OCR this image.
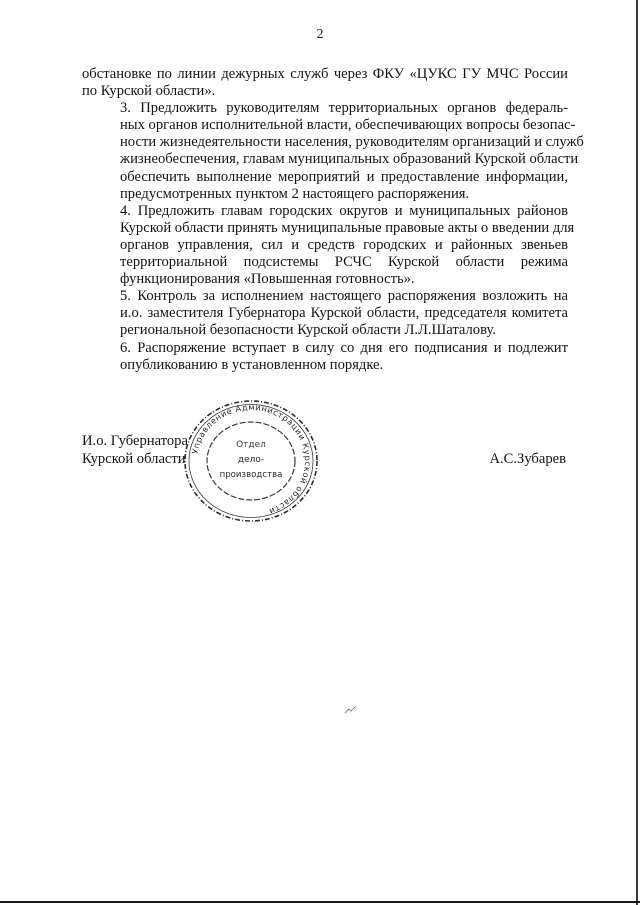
2

обстановке по линии дежурных служб через ФКУ «ЦУКС ГУ МЧС России
по Курской области».

3. Предложить руководителям территориальных органов федераль-
ных органов исполнительной власти, обеспечивающих вопросы безопас-
ности жизнедеятельности населения, руководителям организаций и служб
жизнеобеспечения, главам муниципальных образований Курской области
обеспечить выполнение мероприятий и предоставление информации,
предусмотренных пунктом 2 настоящего распоряжения.

4. Предложить главам городских округов и муниципальных районов
Курской области принять муниципальные правовые акты о введении для
органов управления, сил и средств городских и районных звеньев
территориальной подсистемы РСЧС Курской области режима
функционирования «Повышенная готовность».

5. Контроль за исполнением настоящего распоряжения возложить на
и.о. заместителя Губернатора Курской области, председателя комитета
региональной безопасности Курской области Л.Л.Шаталову.

6. Распоряжение вступает в силу со дня его подписания и подлежит
опубликованию в установленном порядке.

И.о. Губернатора
Курской области	А.С.Зубарев
Управление Администрации Курской области
Отдел
дело-
производства
